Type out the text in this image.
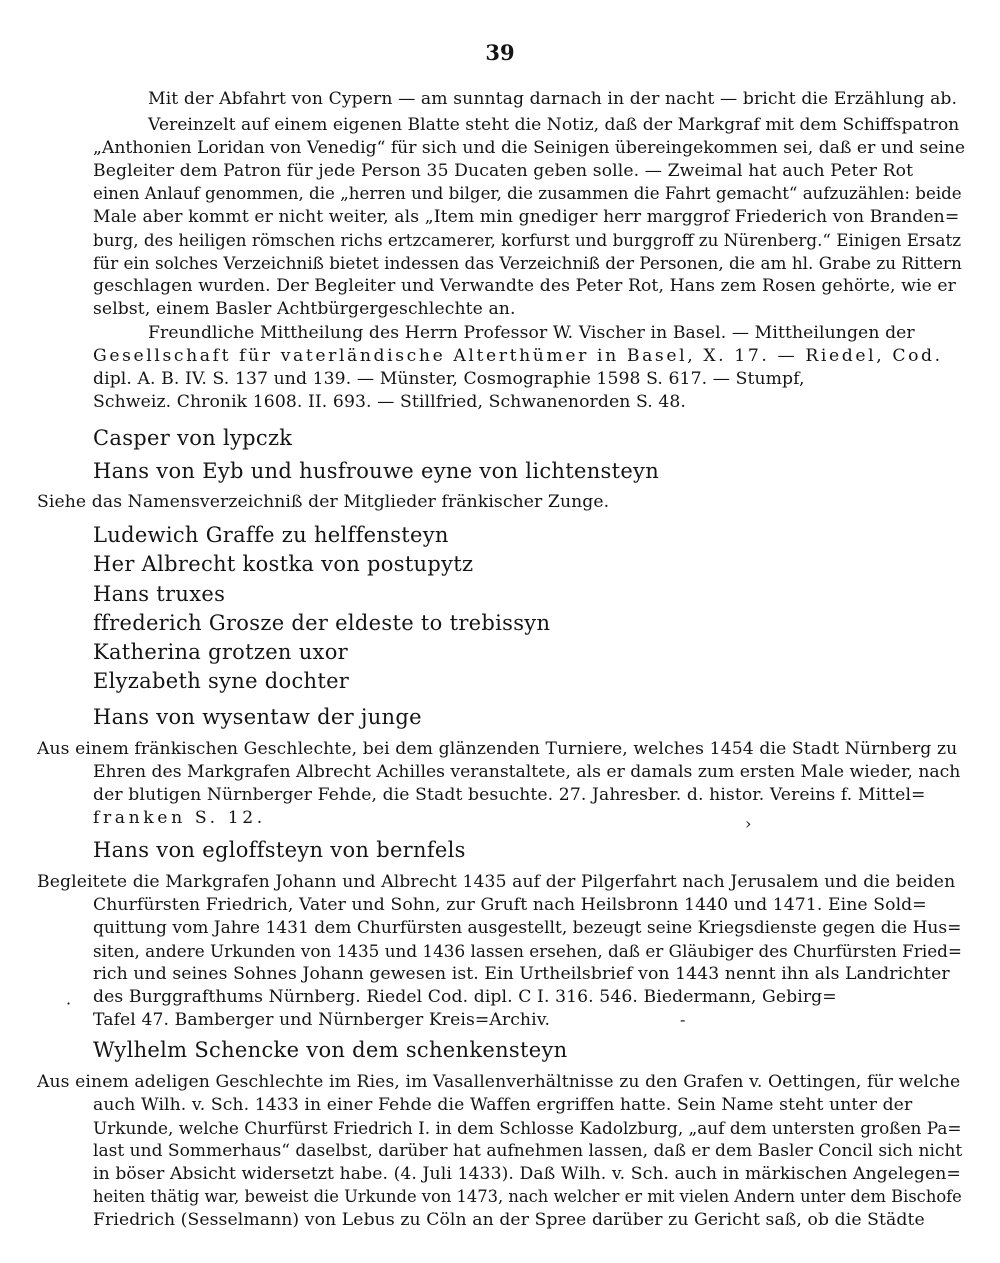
39
Mit der Abfahrt von Cypern — am sunntag darnach in der nacht — bricht die Erzählung ab.
Vereinzelt auf einem eigenen Blatte steht die Notiz, daß der Markgraf mit dem Schiffspatron
„Anthonien Loridan von Venedig“ für sich und die Seinigen übereingekommen sei, daß er und seine
Begleiter dem Patron für jede Person 35 Ducaten geben solle. — Zweimal hat auch Peter Rot
einen Anlauf genommen, die „herren und bilger, die zusammen die Fahrt gemacht“ aufzuzählen: beide
Male aber kommt er nicht weiter, als „Item min gnediger herr marggrof Friederich von Branden=
burg, des heiligen römschen richs ertzcamerer, korfurst und burggroff zu Nürenberg.“ Einigen Ersatz
für ein solches Verzeichniß bietet indessen das Verzeichniß der Personen, die am hl. Grabe zu Rittern
geschlagen wurden. Der Begleiter und Verwandte des Peter Rot, Hans zem Rosen gehörte, wie er
selbst, einem Basler Achtbürgergeschlechte an.
Freundliche Mittheilung des Herrn Professor W. Vischer in Basel. — Mittheilungen der
Gesellschaft für vaterländische Alterthümer in Basel, X. 17. — Riedel, Cod.
dipl. A. B. IV. S. 137 und 139. — Münster, Cosmographie 1598 S. 617. — Stumpf,
Schweiz. Chronik 1608. II. 693. — Stillfried, Schwanenorden S. 48.
Casper von lypczk
Hans von Eyb und husfrouwe eyne von lichtensteyn
Siehe das Namensverzeichniß der Mitglieder fränkischer Zunge.
Ludewich Graffe zu helffensteyn
Her Albrecht kostka von postupytz
Hans truxes
ffrederich Grosze der eldeste to trebissyn
Katherina grotzen uxor
Elyzabeth syne dochter
Hans von wysentaw der junge
Aus einem fränkischen Geschlechte, bei dem glänzenden Turniere, welches 1454 die Stadt Nürnberg zu
Ehren des Markgrafen Albrecht Achilles veranstaltete, als er damals zum ersten Male wieder, nach
der blutigen Nürnberger Fehde, die Stadt besuchte. 27. Jahresber. d. histor. Vereins f. Mittel=
franken S. 12.
Hans von egloffsteyn von bernfels
Begleitete die Markgrafen Johann und Albrecht 1435 auf der Pilgerfahrt nach Jerusalem und die beiden
Churfürsten Friedrich, Vater und Sohn, zur Gruft nach Heilsbronn 1440 und 1471. Eine Sold=
quittung vom Jahre 1431 dem Churfürsten ausgestellt, bezeugt seine Kriegsdienste gegen die Hus=
siten, andere Urkunden von 1435 und 1436 lassen ersehen, daß er Gläubiger des Churfürsten Fried=
rich und seines Sohnes Johann gewesen ist. Ein Urtheilsbrief von 1443 nennt ihn als Landrichter
des Burggrafthums Nürnberg. Riedel Cod. dipl. C I. 316. 546. Biedermann, Gebirg=
Tafel 47. Bamberger und Nürnberger Kreis=Archiv.
Wylhelm Schencke von dem schenkensteyn
Aus einem adeligen Geschlechte im Ries, im Vasallenverhältnisse zu den Grafen v. Oettingen, für welche
auch Wilh. v. Sch. 1433 in einer Fehde die Waffen ergriffen hatte. Sein Name steht unter der
Urkunde, welche Churfürst Friedrich I. in dem Schlosse Kadolzburg, „auf dem untersten großen Pa=
last und Sommerhaus“ daselbst, darüber hat aufnehmen lassen, daß er dem Basler Concil sich nicht
in böser Absicht widersetzt habe. (4. Juli 1433). Daß Wilh. v. Sch. auch in märkischen Angelegen=
heiten thätig war, beweist die Urkunde von 1473, nach welcher er mit vielen Andern unter dem Bischofe
Friedrich (Sesselmann) von Lebus zu Cöln an der Spree darüber zu Gericht saß, ob die Städte
›
·
-
